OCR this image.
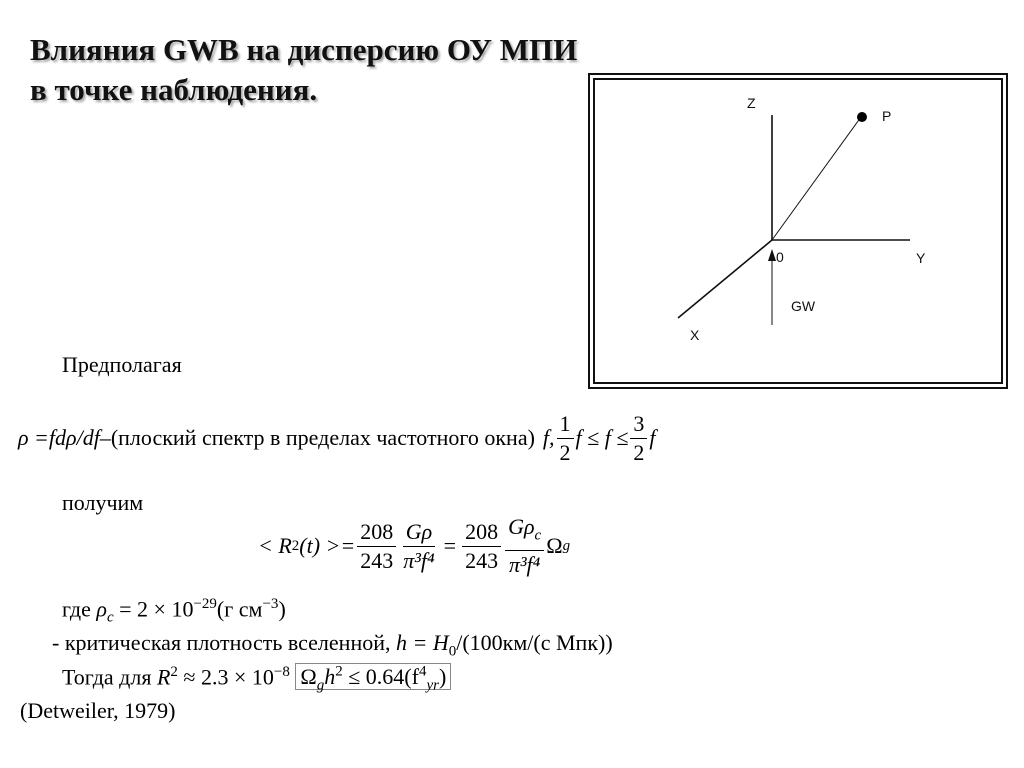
Влияния GWB на дисперсию ОУ МПИ
в точке наблюдения.	Z
P
0	Y
GW
X
Предполагая
ρ = fdρ/df – (плоский спектр в пределах частотного окна) f, $\frac{1}{2}$ $f \le f \le \frac{3}{2}$ f
получим
< R 2 $(t) >= \frac{208}{243} \frac{G\rho}{\text{π³f⁴}} = \frac{208}{243} \frac{G\rho_c}{\text{π³f⁴}}$ Ω g
где $\rho_c = 2 \times 10^{-29}(г$ $см^{-3}$)
- критическая плотность вселенной, $h = H_0/(100км/(с$ Мпк))
Тогда для $R^2 \approx 2.3 \times 10^{-8}$ $\Omega_gh^2 \le 0.64(f^4_{yr})$
(Detweiler, 1979)
